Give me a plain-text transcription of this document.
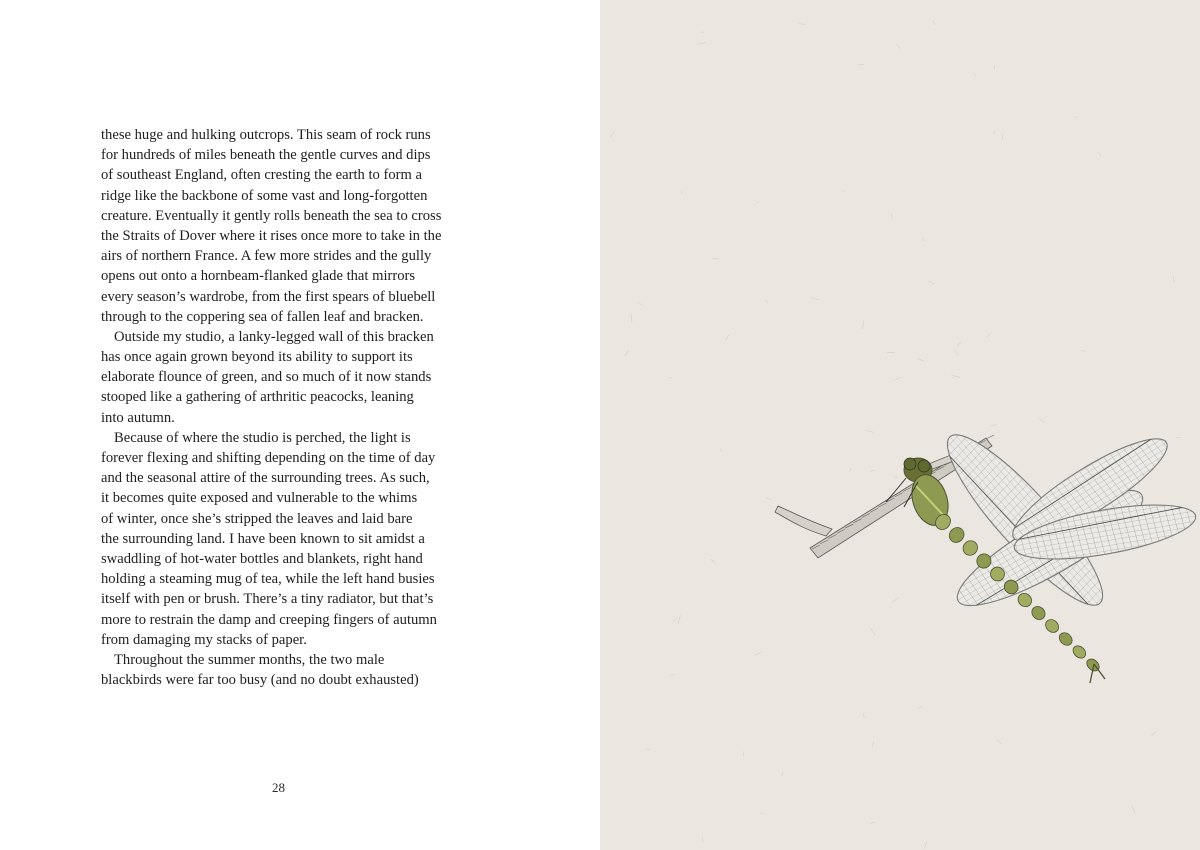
these huge and hulking outcrops. This seam of rock runs
for hundreds of miles beneath the gentle curves and dips
of southeast England, often cresting the earth to form a
ridge like the backbone of some vast and long-forgotten
creature. Eventually it gently rolls beneath the sea to cross
the Straits of Dover where it rises once more to take in the
airs of northern France. A few more strides and the gully
opens out onto a hornbeam-flanked glade that mirrors
every season’s wardrobe, from the first spears of bluebell
through to the coppering sea of fallen leaf and bracken.
Outside my studio, a lanky-legged wall of this bracken
has once again grown beyond its ability to support its
elaborate flounce of green, and so much of it now stands
stooped like a gathering of arthritic peacocks, leaning
into autumn.
Because of where the studio is perched, the light is
forever flexing and shifting depending on the time of day
and the seasonal attire of the surrounding trees. As such,
it becomes quite exposed and vulnerable to the whims
of winter, once she’s stripped the leaves and laid bare
the surrounding land. I have been known to sit amidst a
swaddling of hot-water bottles and blankets, right hand
holding a steaming mug of tea, while the left hand busies
itself with pen or brush. There’s a tiny radiator, but that’s
more to restrain the damp and creeping fingers of autumn
from damaging my stacks of paper.
Throughout the summer months, the two male
blackbirds were far too busy (and no doubt exhausted)
28
